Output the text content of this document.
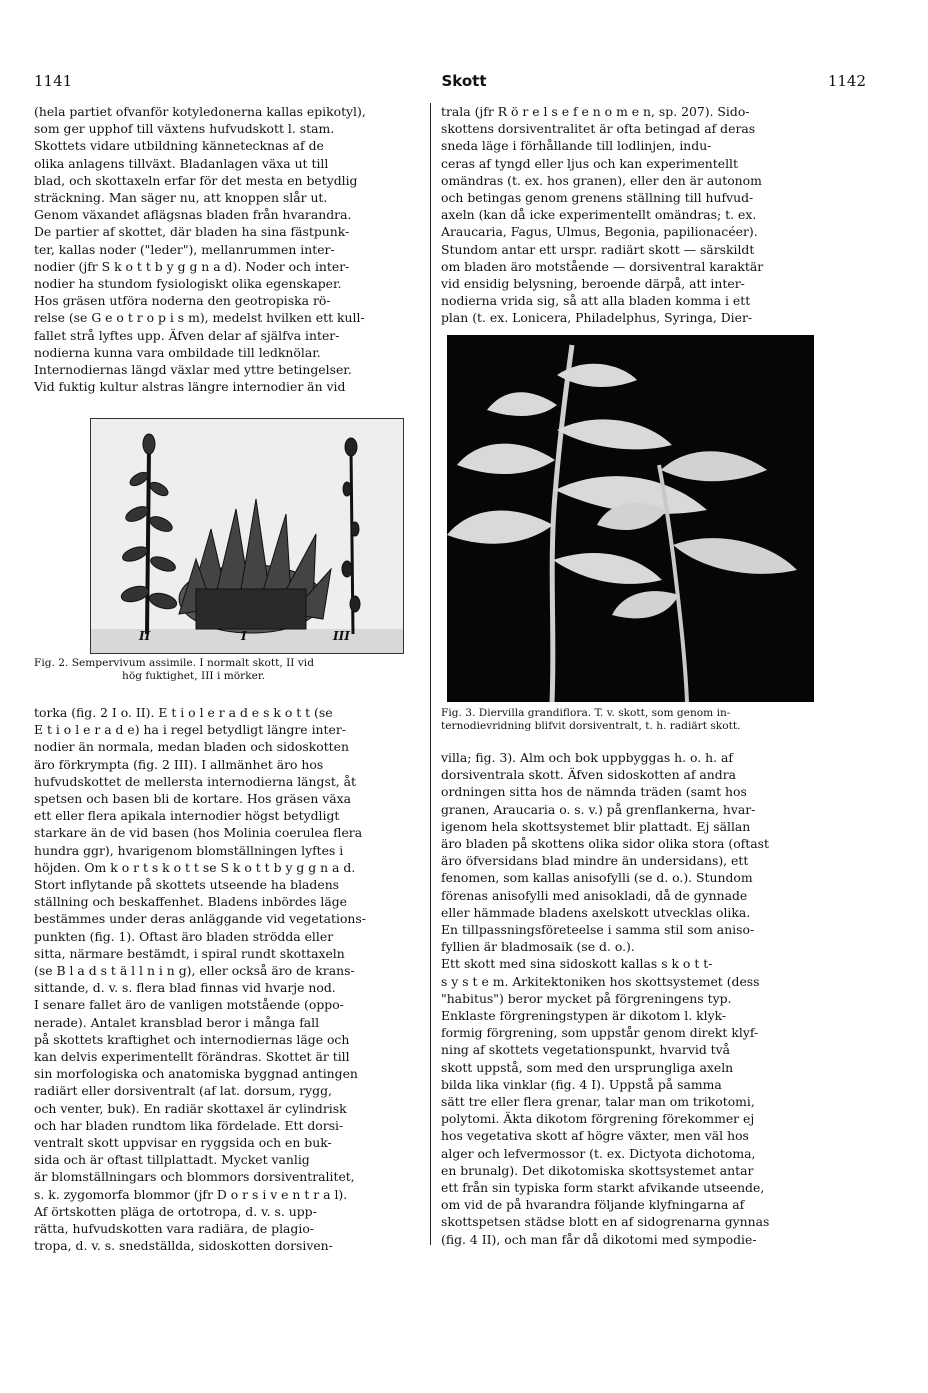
1141	Skott	1142

(hela partiet ofvanför kotyledonerna kallas epikotyl),

som ger upphof till växtens hufvudskott l. stam.

Skottets vidare utbildning kännetecknas af de

olika anlagens tillväxt. Bladanlagen växa ut till

blad, och skottaxeln erfar för det mesta en betydlig

sträckning. Man säger nu, att knoppen slår ut.

Genom växandet aflägsnas bladen från hvarandra.

De partier af skottet, där bladen ha sina fästpunk-

ter, kallas noder ("leder"), mellanrummen inter-

nodier (jfr S k o t t b y g g n a d). Noder och inter-

nodier ha stundom fysiologiskt olika egenskaper.

Hos gräsen utföra noderna den geotropiska rö-

relse (se G e o t r o p i s m), medelst hvilken ett kull-

fallet strå lyftes upp. Äfven delar af själfva inter-

nodierna kunna vara ombildade till ledknölar.

Internodiernas längd växlar med yttre betingelser.

Vid fuktig kultur alstras längre internodier än vid

II	I	III
Fig. 2. Sempervivum assimile. I normalt skott, II vid
hög fuktighet, III i mörker.

torka (fig. 2 I o. II). E t i o l e r a d e s k o t t (se

E t i o l e r a d e) ha i regel betydligt längre inter-

nodier än normala, medan bladen och sidoskotten

äro förkrympta (fig. 2 III). I allmänhet äro hos

hufvudskottet de mellersta internodierna längst, åt

spetsen och basen bli de kortare. Hos gräsen växa

ett eller flera apikala internodier högst betydligt

starkare än de vid basen (hos Molinia coerulea flera

hundra ggr), hvarigenom blomställningen lyftes i

höjden. Om k o r t s k o t t se S k o t t b y g g n a d.

Stort inflytande på skottets utseende ha bladens

ställning och beskaffenhet. Bladens inbördes läge

bestämmes under deras anläggande vid vegetations-

punkten (fig. 1). Oftast äro bladen strödda eller

sitta, närmare bestämdt, i spiral rundt skottaxeln

(se B l a d s t ä l l n i n g), eller också äro de krans-

sittande, d. v. s. flera blad finnas vid hvarje nod.

I senare fallet äro de vanligen motstående (oppo-

nerade). Antalet kransblad beror i många fall

på skottets kraftighet och internodiernas läge och

kan delvis experimentellt förändras. Skottet är till

sin morfologiska och anatomiska byggnad antingen

radiärt eller dorsiventralt (af lat. dorsum, rygg,

och venter, buk). En radiär skottaxel är cylindrisk

och har bladen rundtom lika fördelade. Ett dorsi-

ventralt skott uppvisar en ryggsida och en buk-

sida och är oftast tillplattadt. Mycket vanlig

är blomställningars och blommors dorsiventralitet,

s. k. zygomorfa blommor (jfr D o r s i v e n t r a l).

Af örtskotten pläga de ortotropa, d. v. s. upp-

rätta, hufvudskotten vara radiära, de plagio-

tropa, d. v. s. snedställda, sidoskotten dorsiven-

trala (jfr R ö r e l s e f e n o m e n, sp. 207). Sido-

skottens dorsiventralitet är ofta betingad af deras

sneda läge i förhållande till lodlinjen, indu-

ceras af tyngd eller ljus och kan experimentellt

omändras (t. ex. hos granen), eller den är autonom

och betingas genom grenens ställning till hufvud-

axeln (kan då icke experimentellt omändras; t. ex.

Araucaria, Fagus, Ulmus, Begonia, papilionacéer).

Stundom antar ett urspr. radiärt skott — särskildt

om bladen äro motstående — dorsiventral karaktär

vid ensidig belysning, beroende därpå, att inter-

nodierna vrida sig, så att alla bladen komma i ett

plan (t. ex. Lonicera, Philadelphus, Syringa, Dier-

Fig. 3. Diervilla grandiflora. T. v. skott, som genom in-
ternodievridning blifvit dorsiventralt, t. h. radiärt skott.

villa; fig. 3). Alm och bok uppbyggas h. o. h. af

dorsiventrala skott. Äfven sidoskotten af andra

ordningen sitta hos de nämnda träden (samt hos

granen, Araucaria o. s. v.) på grenflankerna, hvar-

igenom hela skottsystemet blir plattadt. Ej sällan

äro bladen på skottens olika sidor olika stora (oftast

äro öfversidans blad mindre än undersidans), ett

fenomen, som kallas anisofylli (se d. o.). Stundom

förenas anisofylli med anisokladi, då de gynnade

eller hämmade bladens axelskott utvecklas olika.

En tillpassningsföreteelse i samma stil som aniso-

fyllien är bladmosaik (se d. o.).

Ett skott med sina sidoskott kallas s k o t t-

s y s t e m. Arkitektoniken hos skottsystemet (dess

"habitus") beror mycket på förgreningens typ.

Enklaste förgreningstypen är dikotom l. klyk-

formig förgrening, som uppstår genom direkt klyf-

ning af skottets vegetationspunkt, hvarvid två

skott uppstå, som med den ursprungliga axeln

bilda lika vinklar (fig. 4 I). Uppstå på samma

sätt tre eller flera grenar, talar man om trikotomi,

polytomi. Äkta dikotom förgrening förekommer ej

hos vegetativa skott af högre växter, men väl hos

alger och lefvermossor (t. ex. Dictyota dichotoma,

en brunalg). Det dikotomiska skottsystemet antar

ett från sin typiska form starkt afvikande utseende,

om vid de på hvarandra följande klyfningarna af

skottspetsen städse blott en af sidogrenarna gynnas

(fig. 4 II), och man får då dikotomi med sympodie-
